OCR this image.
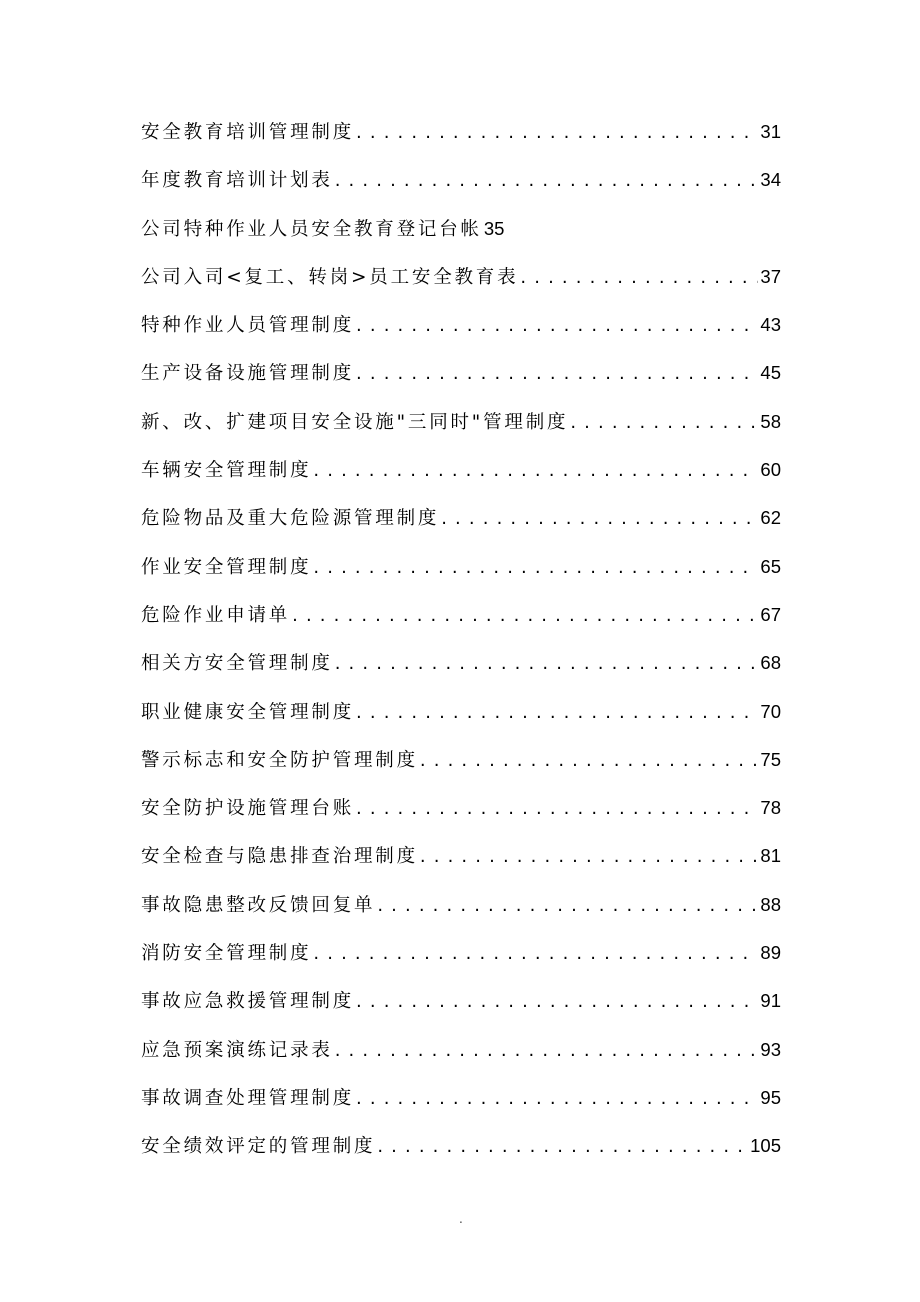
安全教育培训管理制度 . . .	31
年度教育培训计划表 . . .	34
公司特种作业人员安全教育登记台帐 35
公司入司<复工、转岗>员工安全教育表 . . .	37
特种作业人员管理制度 . . .	43
生产设备设施管理制度 . . .	45
新、改、扩建项目安全设施"三同时"管理制度 . . .	58
车辆安全管理制度 . . .	60
危险物品及重大危险源管理制度 . . .	62
作业安全管理制度 . . .	65
危险作业申请单 . . .	67
相关方安全管理制度 . . .	68
职业健康安全管理制度 . . .	70
警示标志和安全防护管理制度 . . .	75
安全防护设施管理台账 . . .	78
安全检查与隐患排查治理制度 . . .	81
事故隐患整改反馈回复单 . . .	88
消防安全管理制度 . . .	89
事故应急救援管理制度 . . .	91
应急预案演练记录表 . . .	93
事故调查处理管理制度 . . .	95
安全绩效评定的管理制度 . . .	105
.
